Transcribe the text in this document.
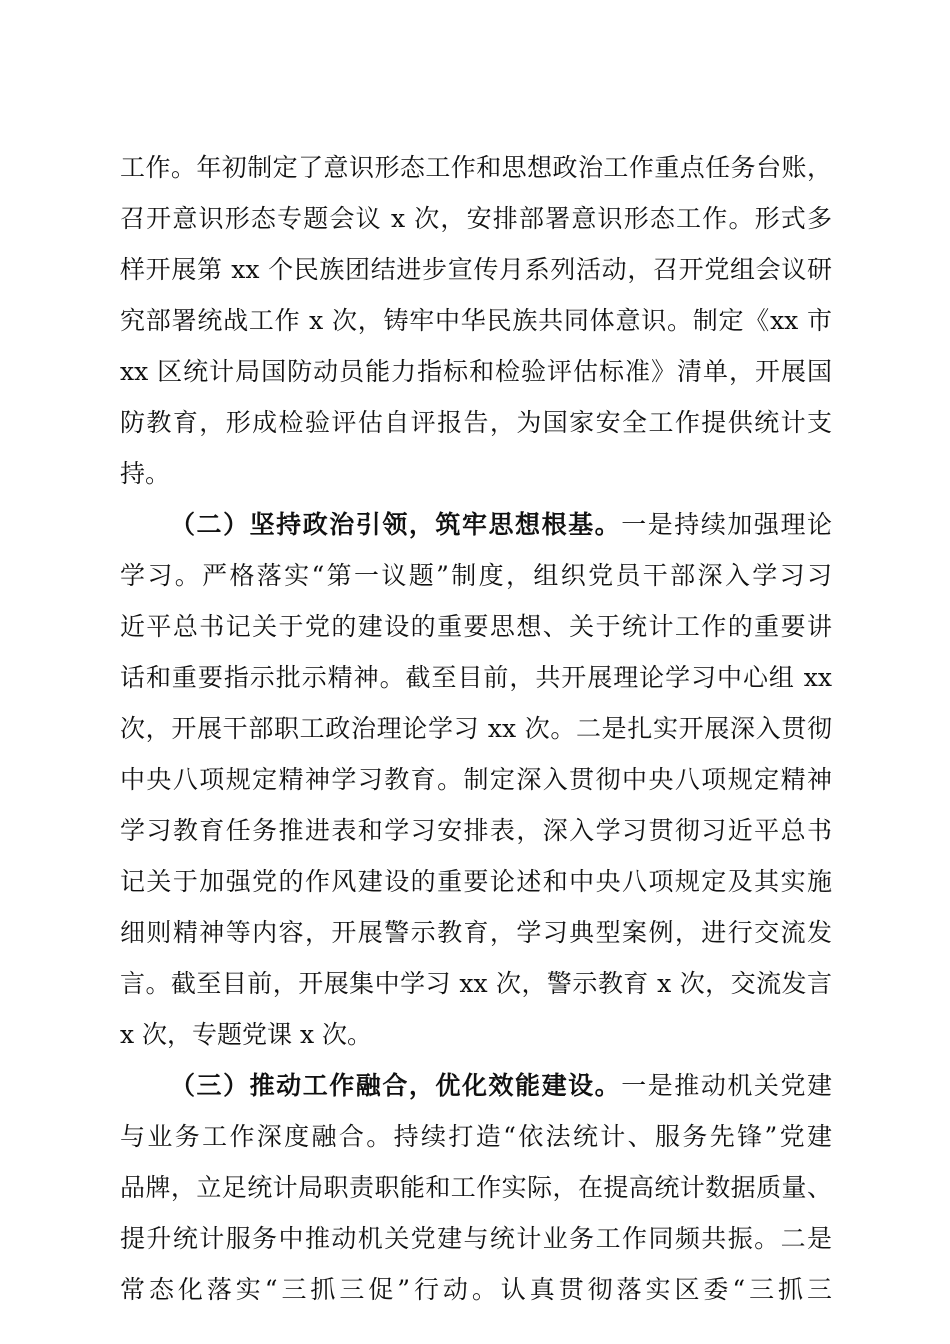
工作。年初制定了意识形态工作和思想政治工作重点任务台账，
召开意识形态专题会议 x 次，安排部署意识形态工作。形式多
样开展第 xx 个民族团结进步宣传月系列活动，召开党组会议研
究部署统战工作 x 次，铸牢中华民族共同体意识。制定《xx 市
xx 区统计局国防动员能力指标和检验评估标准》清单，开展国
防教育，形成检验评估自评报告，为国家安全工作提供统计支
持。
（二）坚持政治引领，筑牢思想根基。一是持续加强理论
学习。严格落实“第一议题”制度，组织党员干部深入学习习
近平总书记关于党的建设的重要思想、关于统计工作的重要讲
话和重要指示批示精神。截至目前，共开展理论学习中心组 xx
次，开展干部职工政治理论学习 xx 次。二是扎实开展深入贯彻
中央八项规定精神学习教育。制定深入贯彻中央八项规定精神
学习教育任务推进表和学习安排表，深入学习贯彻习近平总书
记关于加强党的作风建设的重要论述和中央八项规定及其实施
细则精神等内容，开展警示教育，学习典型案例，进行交流发
言。截至目前，开展集中学习 xx 次，警示教育 x 次，交流发言
x 次，专题党课 x 次。
（三）推动工作融合，优化效能建设。一是推动机关党建
与业务工作深度融合。持续打造“依法统计、服务先锋”党建
品牌，立足统计局职责职能和工作实际，在提高统计数据质量、
提升统计服务中推动机关党建与统计业务工作同频共振。二是
常态化落实“三抓三促”行动。认真贯彻落实区委“三抓三
